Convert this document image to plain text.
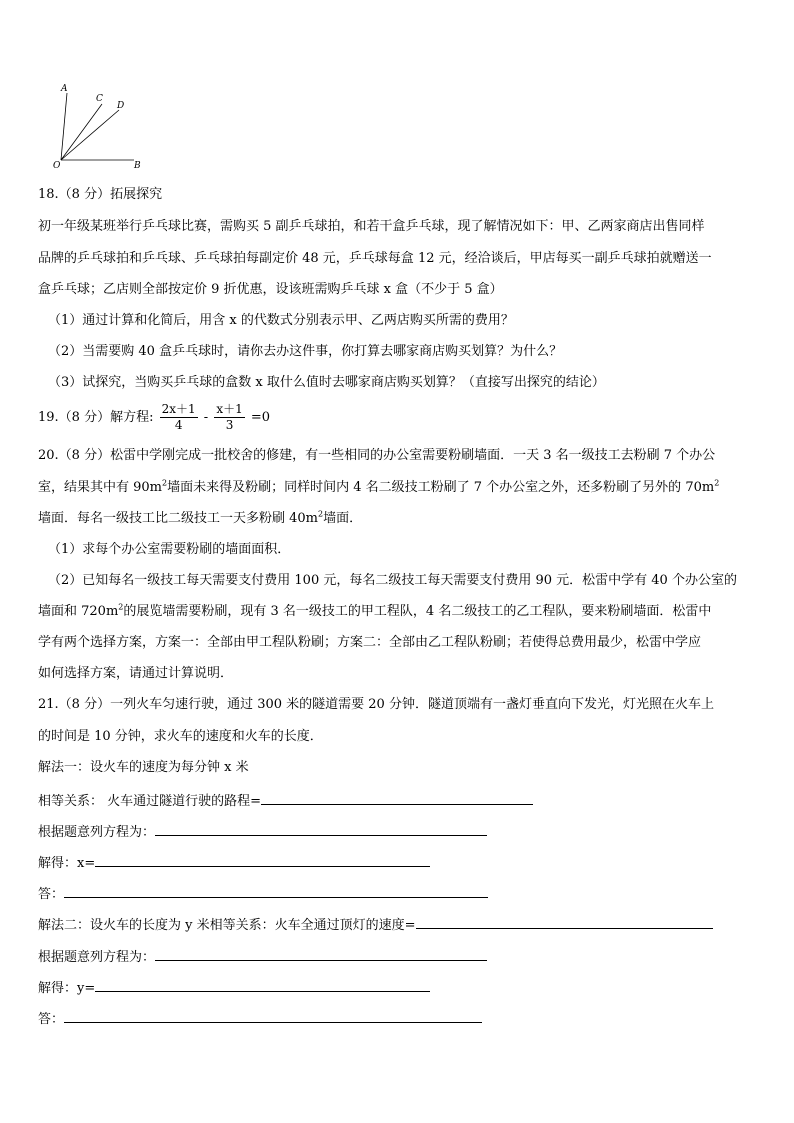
A
C
D
O	B
18.（8 分）拓展探究
初一年级某班举行乒乓球比赛，需购买 5 副乒乓球拍，和若干盒乒乓球，现了解情况如下：甲、乙两家商店出售同样
品牌的乒乓球拍和乒乓球、乒乓球拍每副定价 48 元，乒乓球每盒 12 元，经洽谈后，甲店每买一副乒乓球拍就赠送一
盒乒乓球；乙店则全部按定价 9 折优惠，设该班需购乒乓球 x 盒（不少于 5 盒）
（1）通过计算和化简后，用含 x 的代数式分别表示甲、乙两店购买所需的费用？
（2）当需要购 40 盒乒乓球时，请你去办这件事，你打算去哪家商店购买划算？为什么？
（3）试探究，当购买乒乓球的盒数 x 取什么值时去哪家商店购买划算？（直接写出探究的结论）
19.（8 分）解方程: $\frac{2x+1}{4} - \frac{x+1}{3} =0$
20.（8 分）松雷中学刚完成一批校舍的修建，有一些相同的办公室需要粉刷墙面．一天 3 名一级技工去粉刷 7 个办公
室，结果其中有 $90m^2$墙面未来得及粉刷；同样时间内 4 名二级技工粉刷了 7 个办公室之外，还多粉刷了另外的 $70m^2$
墙面．每名一级技工比二级技工一天多粉刷 $40m^2$墙面．
（1）求每个办公室需要粉刷的墙面面积．
（2）已知每名一级技工每天需要支付费用 100 元，每名二级技工每天需要支付费用 90 元．松雷中学有 40 个办公室的
墙面和 $720m^2$的展览墙需要粉刷，现有 3 名一级技工的甲工程队，4 名二级技工的乙工程队，要来粉刷墙面．松雷中
学有两个选择方案，方案一：全部由甲工程队粉刷；方案二：全部由乙工程队粉刷；若使得总费用最少，松雷中学应
如何选择方案，请通过计算说明．
21.（8 分）一列火车匀速行驶，通过 300 米的隧道需要 20 分钟．隧道顶端有一盏灯垂直向下发光，灯光照在火车上
的时间是 10 分钟，求火车的速度和火车的长度．
解法一：设火车的速度为每分钟 x 米
相等关系： 火车通过隧道行驶的路程=
根据题意列方程为：
解得：x=
答：
解法二：设火车的长度为 y 米相等关系：火车全通过顶灯的速度=
根据题意列方程为：
解得：y=
答：
